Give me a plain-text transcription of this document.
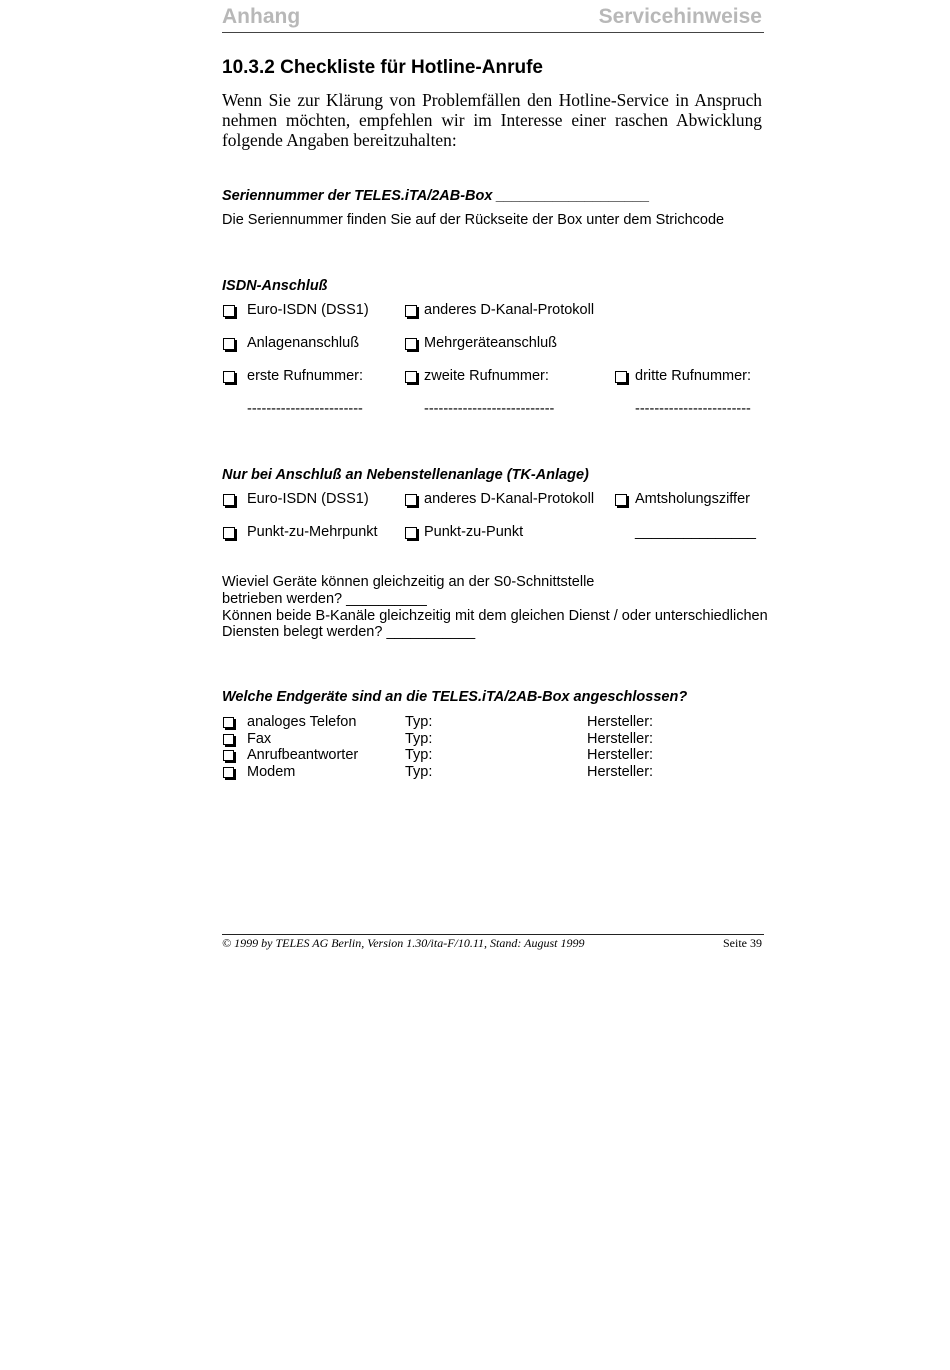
Anhang	Servicehinweise
10.3.2 Checkliste für Hotline-Anrufe
Wenn Sie zur Klärung von Problemfällen den Hotline-Service in Anspruch nehmen möchten, empfehlen wir im Interesse einer raschen Abwicklung folgende Angaben bereitzuhalten:
Seriennummer der TELES.iTA/2AB-Box ___________________
Die Seriennummer finden Sie auf der Rückseite der Box unter dem Strichcode
ISDN-Anschluß
Euro-ISDN (DSS1)	anderes D-Kanal-Protokoll
Anlagenanschluß	Mehrgeräteanschluß
erste Rufnummer:	zweite Rufnummer:	dritte Rufnummer:
------------------------	---------------------------	------------------------
Nur bei Anschluß an Nebenstellenanlage (TK-Anlage)
Euro-ISDN (DSS1)	anderes D-Kanal-Protokoll	Amtsholungsziffer
Punkt-zu-Mehrpunkt	Punkt-zu-Punkt	_______________
Wieviel Geräte können gleichzeitig an der S0-Schnittstelle
betrieben werden? __________
Können beide B-Kanäle gleichzeitig mit dem gleichen Dienst / oder unterschiedlichen
Diensten belegt werden? ___________
Welche Endgeräte sind an die TELES.iTA/2AB-Box angeschlossen?
analoges Telefon	Typ:	Hersteller:
Fax	Typ:	Hersteller:
Anrufbeantworter	Typ:	Hersteller:
Modem	Typ:	Hersteller:
© 1999 by TELES AG Berlin, Version 1.30/ita-F/10.11, Stand: August 1999	Seite 39
